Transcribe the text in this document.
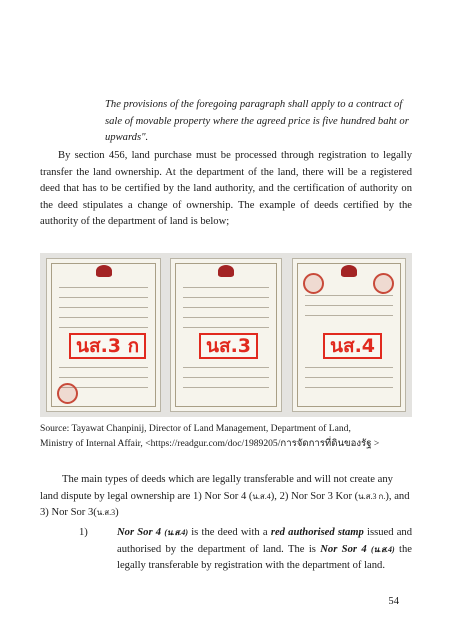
The provisions of the foregoing paragraph shall apply to a contract of sale of movable property where the agreed price is five hundred baht or upwards".
By section 456, land purchase must be processed through registration to legally transfer the land ownership. At the department of the land, there will be a registered deed that has to be certified by the land authority, and the certification of authority on the deed stipulates a change of ownership. The example of deeds certified by the authority of the department of land is below;
นส.3 ก	นส.3	นส.4
Source: Tayawat Chanpinij, Director of Land Management, Department of Land,
Ministry of Internal Affair, <https://readgur.com/doc/1989205/การจัดการที่ดินของรัฐ >
The main types of deeds which are legally transferable and will not create any land dispute by legal ownership are 1) Nor Sor 4 (น.ส.4), 2) Nor Sor 3 Kor (น.ส.3 ก.), and 3) Nor Sor 3(น.ส.3)
1)	Nor Sor 4 (น.ส.4) is the deed with a red authorised stamp issued and authorised by the department of land. The is Nor Sor 4 (น.ส.4) the legally transferable by registration with the department of land.
54
